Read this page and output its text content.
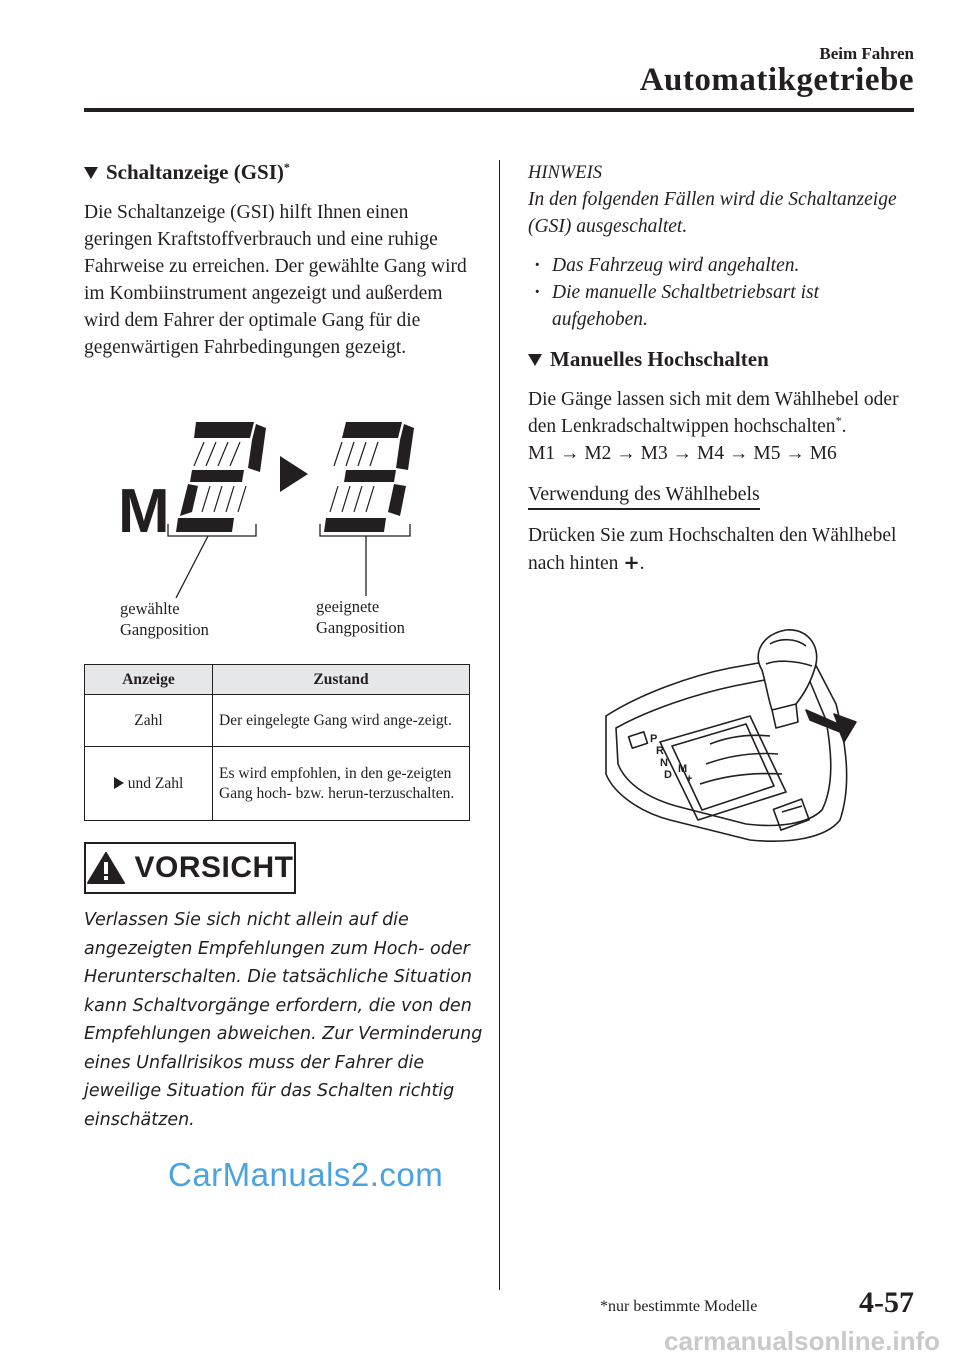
Beim Fahren
Automatikgetriebe
Schaltanzeige (GSI)*

Die Schaltanzeige (GSI) hilft Ihnen einen geringen Kraftstoffverbrauch und eine ruhige Fahrweise zu erreichen. Der gewählte Gang wird im Kombiinstrument angezeigt und außerdem wird dem Fahrer der optimale Gang für die gegenwärtigen Fahrbedingungen gezeigt.

M
gewählte
Gangposition
geeignete
Gangposition
Anzeige	Zustand
Zahl	Der eingelegte Gang wird ange-zeigt.
und Zahl	Es wird empfohlen, in den ge-zeigten Gang hoch- bzw. herun-terzuschalten.
VORSICHT

Verlassen Sie sich nicht allein auf die angezeigten Empfehlungen zum Hoch- oder Herunterschalten. Die tatsächliche Situation kann Schaltvorgänge erfordern, die von den Empfehlungen abweichen. Zur Verminderung eines Unfallrisikos muss der Fahrer die jeweilige Situation für das Schalten richtig einschätzen.

HINWEIS

In den folgenden Fällen wird die Schaltanzeige (GSI) ausgeschaltet.

· Das Fahrzeug wird angehalten.
· Die manuelle Schaltbetriebsart ist aufgehoben.
Manuelles Hochschalten

Die Gänge lassen sich mit dem Wählhebel oder den Lenkradschaltwippen hochschalten*.

M1 → M2 → M3 → M4 → M5 → M6

Verwendung des Wählhebels

Drücken Sie zum Hochschalten den Wählhebel nach hinten +.

P
R
N
D M
+
CarManuals2.com
*nur bestimmte Modelle	4-57
carmanualsonline.info
